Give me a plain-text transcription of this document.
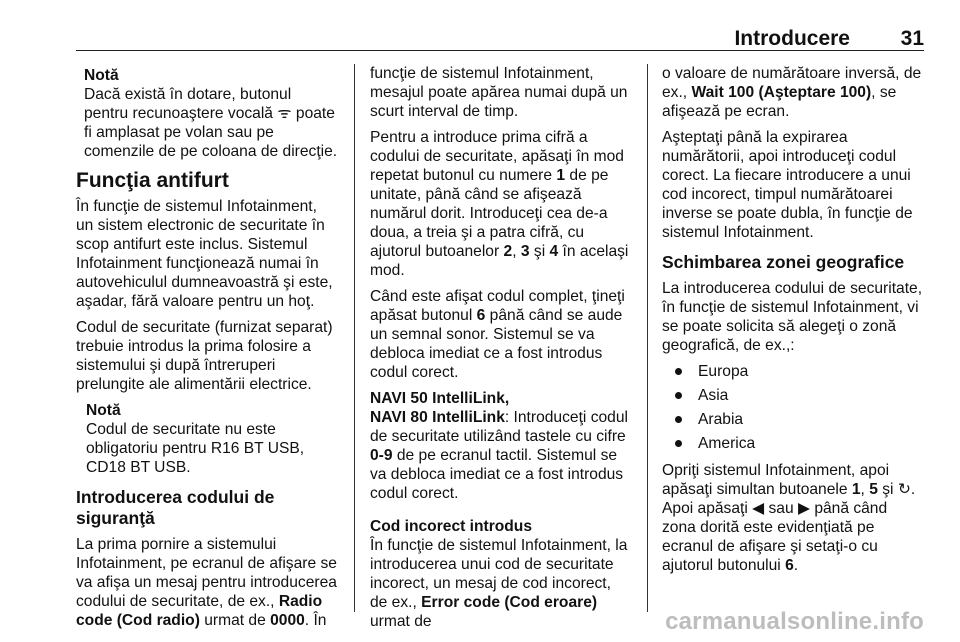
Introducere 31
Notă
Dacă există în dotare, butonul pentru recunoaştere vocală ᯤ poate fi amplasat pe volan sau pe comenzile de pe coloana de direcţie.
Funcţia antifurt

În funcţie de sistemul Infotainment, un sistem electronic de securitate în scop antifurt este inclus. Sistemul Infotainment funcţionează numai în autovehiculul dumneavoastră şi este, aşadar, fără valoare pentru un hoţ.

Codul de securitate (furnizat separat) trebuie introdus la prima folosire a sistemului şi după întreruperi prelungite ale alimentării electrice.

Notă
Codul de securitate nu este obligatoriu pentru R16 BT USB, CD18 BT USB.
Introducerea codului de siguranţă

La prima pornire a sistemului Infotainment, pe ecranul de afişare se va afişa un mesaj pentru introducerea codului de securitate, de ex., Radio code (Cod radio) urmat de 0000. În

funcţie de sistemul Infotainment, mesajul poate apărea numai după un scurt interval de timp.

Pentru a introduce prima cifră a codului de securitate, apăsaţi în mod repetat butonul cu numere 1 de pe unitate, până când se afişează numărul dorit. Introduceţi cea de-a doua, a treia şi a patra cifră, cu ajutorul butoanelor 2, 3 şi 4 în acelaşi mod.

Când este afişat codul complet, ţineţi apăsat butonul 6 până când se aude un semnal sonor. Sistemul se va debloca imediat ce a fost introdus codul corect.

NAVI 50 IntelliLink,
NAVI 80 IntelliLink: Introduceţi codul de securitate utilizând tastele cu cifre 0-9 de pe ecranul tactil. Sistemul se va debloca imediat ce a fost introdus codul corect.

Cod incorect introdus

În funcţie de sistemul Infotainment, la introducerea unui cod de securitate incorect, un mesaj de cod incorect, de ex., Error code (Cod eroare) urmat de

o valoare de numărătoare inversă, de ex., Wait 100 (Aşteptare 100), se afişează pe ecran.

Aşteptaţi până la expirarea numărătorii, apoi introduceţi codul corect. La fiecare introducere a unui cod incorect, timpul numărătoarei inverse se poate dubla, în funcţie de sistemul Infotainment.

Schimbarea zonei geografice

La introducerea codului de securitate, în funcţie de sistemul Infotainment, vi se poate solicita să alegeţi o zonă geografică, de ex.,:

Europa
Asia
Arabia
America

Opriţi sistemul Infotainment, apoi apăsaţi simultan butoanele 1, 5 şi ↻.
Apoi apăsaţi ◀ sau ▶ până când zona dorită este evidenţiată pe ecranul de afişare şi setaţi-o cu ajutorul butonului 6.

carmanualsonline.info
